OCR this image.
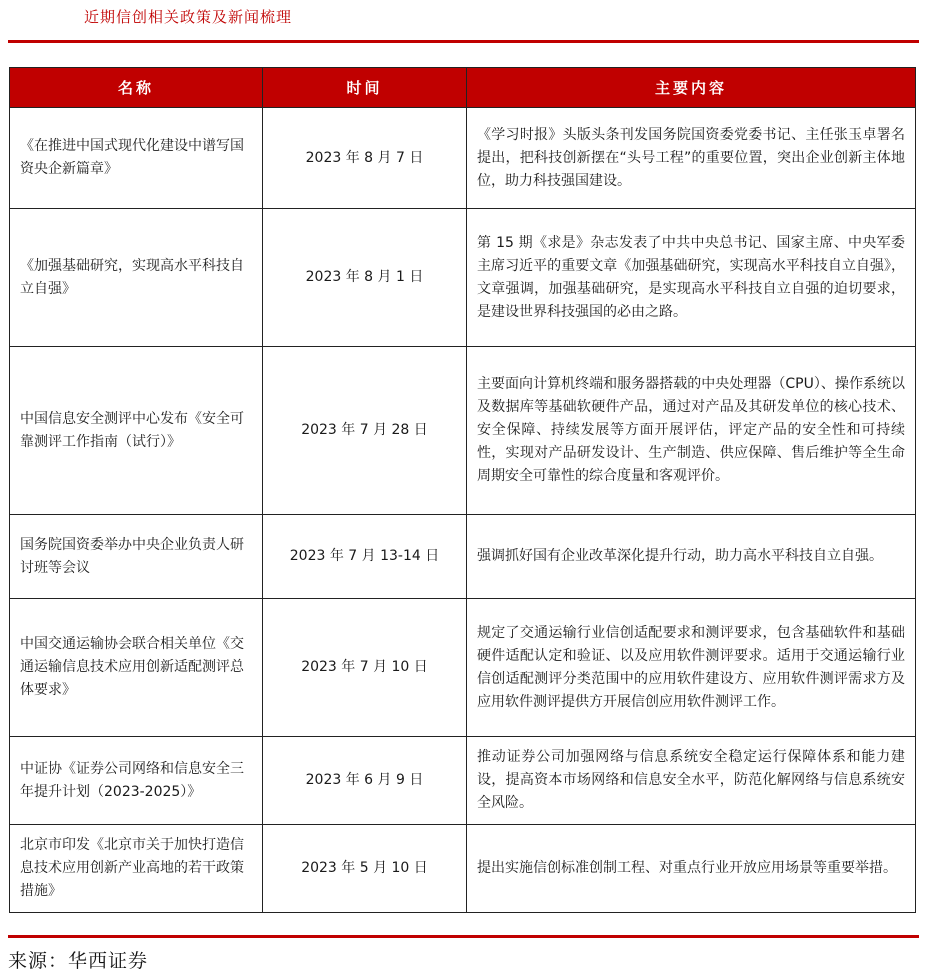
近期信创相关政策及新闻梳理
名称	时间	主要内容
《在推进中国式现代化建设中谱写国资央企新篇章》	2023 年 8 月 7 日	《学习时报》头版头条刊发国务院国资委党委书记、主任张玉卓署名提出，把科技创新摆在“头号工程”的重要位置，突出企业创新主体地位，助力科技强国建设。
《加强基础研究，实现高水平科技自立自强》	2023 年 8 月 1 日	第 15 期《求是》杂志发表了中共中央总书记、国家主席、中央军委主席习近平的重要文章《加强基础研究，实现高水平科技自立自强》，文章强调，加强基础研究，是实现高水平科技自立自强的迫切要求，是建设世界科技强国的必由之路。
中国信息安全测评中心发布《安全可靠测评工作指南（试行）》	2023 年 7 月 28 日	主要面向计算机终端和服务器搭载的中央处理器（CPU）、操作系统以及数据库等基础软硬件产品，通过对产品及其研发单位的核心技术、安全保障、持续发展等方面开展评估，评定产品的安全性和可持续性，实现对产品研发设计、生产制造、供应保障、售后维护等全生命周期安全可靠性的综合度量和客观评价。
国务院国资委举办中央企业负责人研讨班等会议	2023 年 7 月 13-14 日	强调抓好国有企业改革深化提升行动，助力高水平科技自立自强。
中国交通运输协会联合相关单位《交通运输信息技术应用创新适配测评总体要求》	2023 年 7 月 10 日	规定了交通运输行业信创适配要求和测评要求，包含基础软件和基础硬件适配认定和验证、以及应用软件测评要求。适用于交通运输行业信创适配测评分类范围中的应用软件建设方、应用软件测评需求方及应用软件测评提供方开展信创应用软件测评工作。
中证协《证券公司网络和信息安全三年提升计划（2023-2025）》	2023 年 6 月 9 日	推动证券公司加强网络与信息系统安全稳定运行保障体系和能力建设，提高资本市场网络和信息安全水平，防范化解网络与信息系统安全风险。
北京市印发《北京市关于加快打造信息技术应用创新产业高地的若干政策措施》	2023 年 5 月 10 日	提出实施信创标准创制工程、对重点行业开放应用场景等重要举措。
来源：华西证券
